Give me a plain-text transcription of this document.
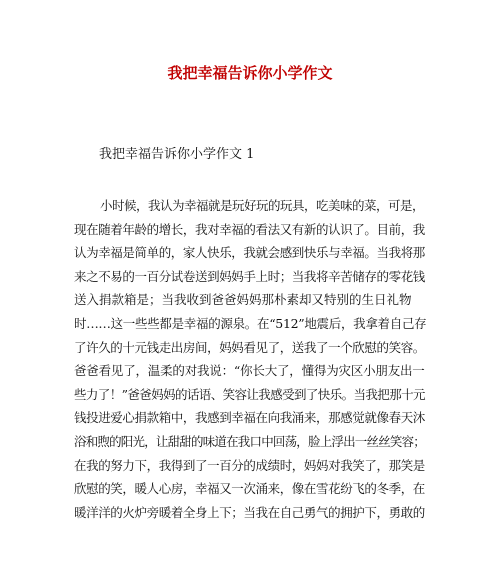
我把幸福告诉你小学作文

我把幸福告诉你小学作文 1

小时候，我认为幸福就是玩好玩的玩具，吃美味的菜，可是，
现在随着年龄的增长，我对幸福的看法又有新的认识了。目前，我
认为幸福是简单的，家人快乐，我就会感到快乐与幸福。当我将那
来之不易的一百分试卷送到妈妈手上时；当我将辛苦储存的零花钱
送入捐款箱是；当我收到爸爸妈妈那朴素却又特别的生日礼物
时……这一些些都是幸福的源泉。在“512”地震后，我拿着自己存
了许久的十元钱走出房间，妈妈看见了，送我了一个欣慰的笑容。
爸爸看见了，温柔的对我说：“你长大了，懂得为灾区小朋友出一
些力了！”爸爸妈妈的话语、笑容让我感受到了快乐。当我把那十元
钱投进爱心捐款箱中，我感到幸福在向我涌来，那感觉就像春天沐
浴和煦的阳光，让甜甜的味道在我口中回荡，脸上浮出一丝丝笑容；
在我的努力下，我得到了一百分的成绩时，妈妈对我笑了，那笑是
欣慰的笑，暖人心房，幸福又一次涌来，像在雪花纷飞的冬季，在
暖洋洋的火炉旁暖着全身上下；当我在自己勇气的拥护下，勇敢的
